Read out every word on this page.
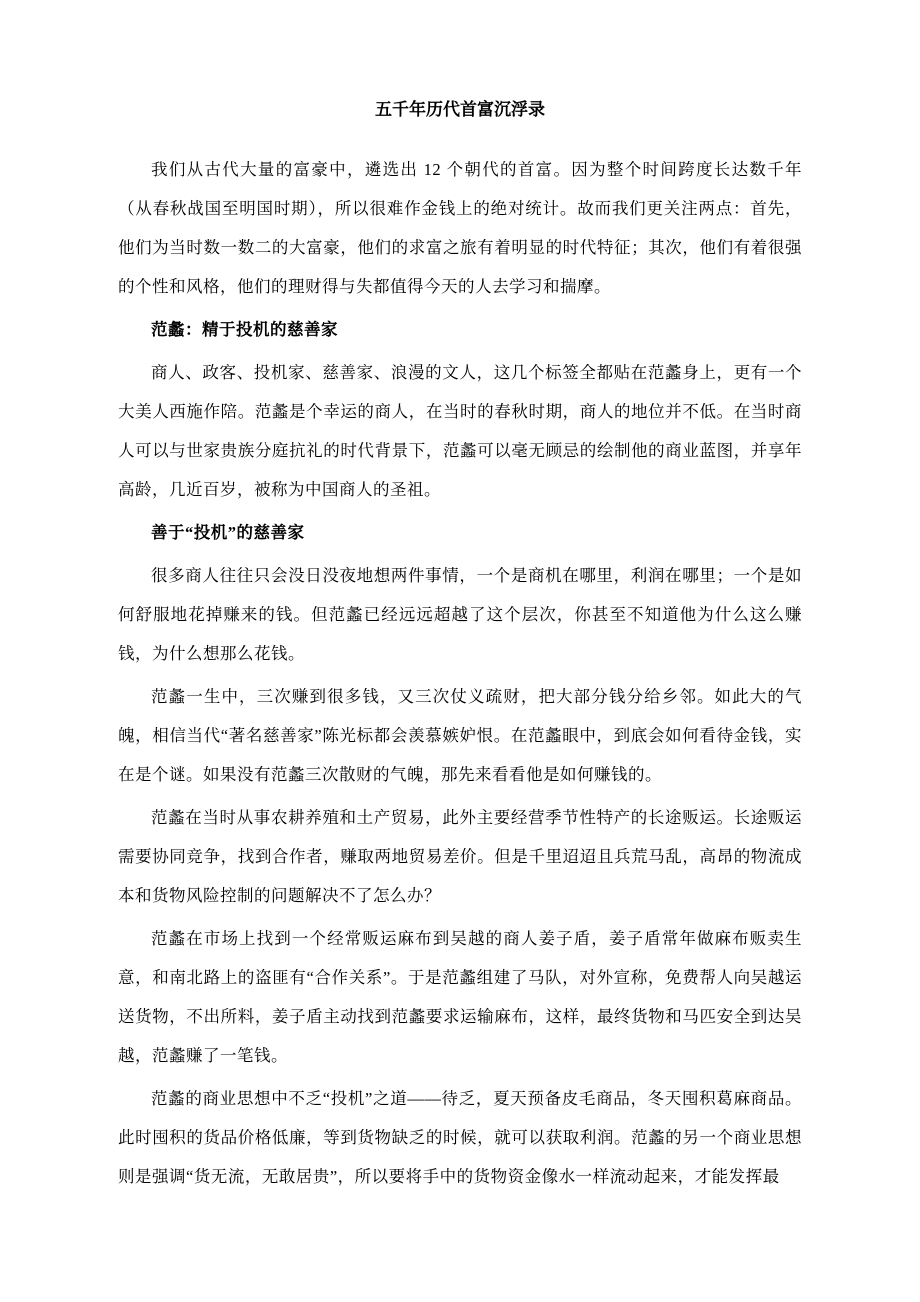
五千年历代首富沉浮录

我们从古代大量的富豪中，遴选出 12 个朝代的首富。因为整个时间跨度长达数千年（从春秋战国至明国时期），所以很难作金钱上的绝对统计。故而我们更关注两点：首先，他们为当时数一数二的大富豪，他们的求富之旅有着明显的时代特征；其次，他们有着很强的个性和风格，他们的理财得与失都值得今天的人去学习和揣摩。

范蠡：精于投机的慈善家

商人、政客、投机家、慈善家、浪漫的文人，这几个标签全都贴在范蠡身上，更有一个大美人西施作陪。范蠡是个幸运的商人，在当时的春秋时期，商人的地位并不低。在当时商人可以与世家贵族分庭抗礼的时代背景下，范蠡可以毫无顾忌的绘制他的商业蓝图，并享年高龄，几近百岁，被称为中国商人的圣祖。

善于“投机”的慈善家

很多商人往往只会没日没夜地想两件事情，一个是商机在哪里，利润在哪里；一个是如何舒服地花掉赚来的钱。但范蠡已经远远超越了这个层次，你甚至不知道他为什么这么赚钱，为什么想那么花钱。

范蠡一生中，三次赚到很多钱，又三次仗义疏财，把大部分钱分给乡邻。如此大的气魄，相信当代“著名慈善家”陈光标都会羡慕嫉妒恨。在范蠡眼中，到底会如何看待金钱，实在是个谜。如果没有范蠡三次散财的气魄，那先来看看他是如何赚钱的。

范蠡在当时从事农耕养殖和土产贸易，此外主要经营季节性特产的长途贩运。长途贩运需要协同竞争，找到合作者，赚取两地贸易差价。但是千里迢迢且兵荒马乱，高昂的物流成本和货物风险控制的问题解决不了怎么办？

范蠡在市场上找到一个经常贩运麻布到吴越的商人姜子盾，姜子盾常年做麻布贩卖生意，和南北路上的盗匪有“合作关系”。于是范蠡组建了马队，对外宣称，免费帮人向吴越运送货物，不出所料，姜子盾主动找到范蠡要求运输麻布，这样，最终货物和马匹安全到达吴越，范蠡赚了一笔钱。

范蠡的商业思想中不乏“投机”之道——待乏，夏天预备皮毛商品，冬天囤积葛麻商品。此时囤积的货品价格低廉，等到货物缺乏的时候，就可以获取利润。范蠡的另一个商业思想则是强调“货无流，无敢居贵”，所以要将手中的货物资金像水一样流动起来，才能发挥最
